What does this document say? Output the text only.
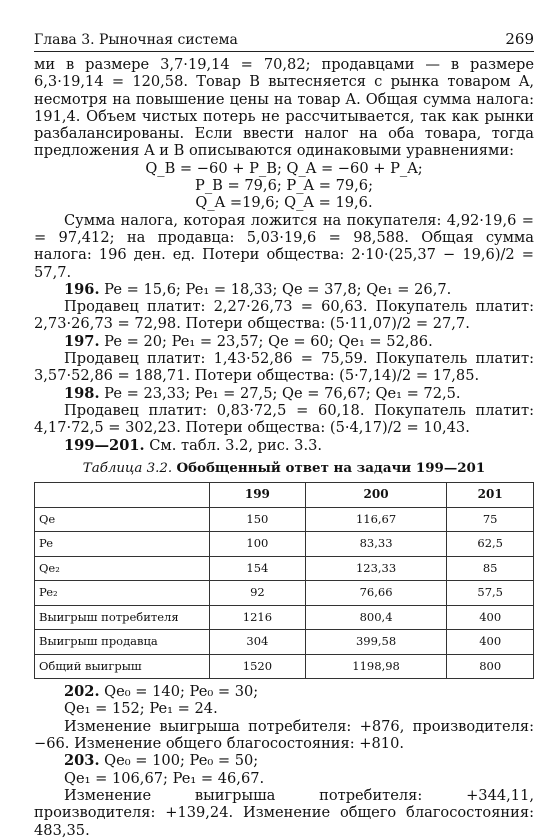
Глава 3. Рыночная система	269

ми в размере 3,7·19,14 = 70,82; продавцами — в размере 6,3·19,14 = 120,58. Товар B вытесняется с рынка товаром A, несмотря на повышение цены на товар A. Общая сумма налога: 191,4. Объем чистых потерь не рассчитывается, так как рынки разбалансированы. Если ввести налог на оба товара, тогда предложения A и B описываются одинаковыми уравнениями:

Q_B = −60 + P_B; Q_A = −60 + P_A;

P_B = 79,6; P_A = 79,6;

Q_A =19,6; Q_A = 19,6.

Сумма налога, которая ложится на покупателя: 4,92·19,6 = = 97,412; на продавца: 5,03·19,6 = 98,588. Общая сумма налога: 196 ден. ед. Потери общества: 2·10·(25,37 − 19,6)/2 = 57,7.

196. Pe = 15,6; Pe₁ = 18,33; Qe = 37,8; Qe₁ = 26,7.

Продавец платит: 2,27·26,73 = 60,63. Покупатель платит: 2,73·26,73 = 72,98. Потери общества: (5·11,07)/2 = 27,7.

197. Pe = 20; Pe₁ = 23,57; Qe = 60; Qe₁ = 52,86.

Продавец платит: 1,43·52,86 = 75,59. Покупатель платит: 3,57·52,86 = 188,71. Потери общества: (5·7,14)/2 = 17,85.

198. Pe = 23,33; Pe₁ = 27,5; Qe = 76,67; Qe₁ = 72,5.

Продавец платит: 0,83·72,5 = 60,18. Покупатель платит: 4,17·72,5 = 302,23. Потери общества: (5·4,17)/2 = 10,43.

199—201. См. табл. 3.2, рис. 3.3.

Таблица 3.2. Обобщенный ответ на задачи 199—201
	199	200	201
Qe	150	116,67	75
Pe	100	83,33	62,5
Qe₂	154	123,33	85
Pe₂	92	76,66	57,5
Выигрыш потребителя	1216	800,4	400
Выигрыш продавца	304	399,58	400
Общий выигрыш	1520	1198,98	800

202. Qe₀ = 140; Pe₀ = 30;

Qe₁ = 152; Pe₁ = 24.

Изменение выигрыша потребителя: +876, производителя: −66. Изменение общего благосостояния: +810.

203. Qe₀ = 100; Pe₀ = 50;

Qe₁ = 106,67; Pe₁ = 46,67.

Изменение выигрыша потребителя: +344,11, производителя: +139,24. Изменение общего благосостояния: 483,35.
